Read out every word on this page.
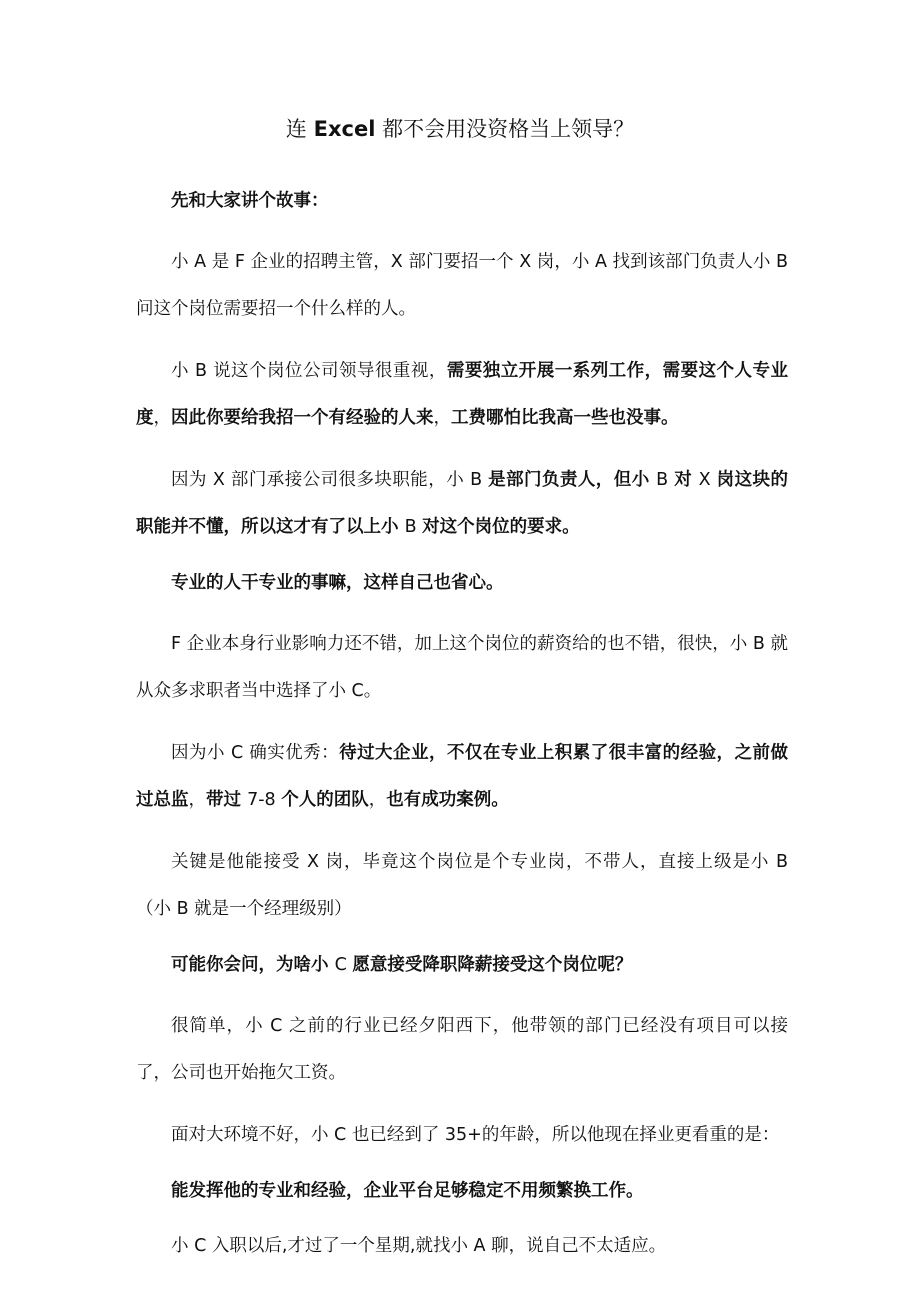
连 Excel 都不会用没资格当上领导？

先和大家讲个故事：

小 A 是 F 企业的招聘主管，X 部门要招一个 X 岗，小 A 找到该部门负责人小 B 问这个岗位需要招一个什么样的人。

小 B 说这个岗位公司领导很重视，需要独立开展一系列工作，需要这个人专业度，因此你要给我招一个有经验的人来，工费哪怕比我高一些也没事。

因为 X 部门承接公司很多块职能，小 B 是部门负责人，但小 B 对 X 岗这块的职能并不懂，所以这才有了以上小 B 对这个岗位的要求。

专业的人干专业的事嘛，这样自己也省心。

F 企业本身行业影响力还不错，加上这个岗位的薪资给的也不错，很快，小 B 就从众多求职者当中选择了小 C。

因为小 C 确实优秀：待过大企业，不仅在专业上积累了很丰富的经验，之前做过总监，带过 7-8 个人的团队，也有成功案例。

关键是他能接受 X 岗，毕竟这个岗位是个专业岗，不带人，直接上级是小 B（小 B 就是一个经理级别）

可能你会问，为啥小 C 愿意接受降职降薪接受这个岗位呢？

很简单，小 C 之前的行业已经夕阳西下，他带领的部门已经没有项目可以接了，公司也开始拖欠工资。

面对大环境不好，小 C 也已经到了 35+的年龄，所以他现在择业更看重的是：

能发挥他的专业和经验，企业平台足够稳定不用频繁换工作。

小 C 入职以后,才过了一个星期,就找小 A 聊，说自己不太适应。
